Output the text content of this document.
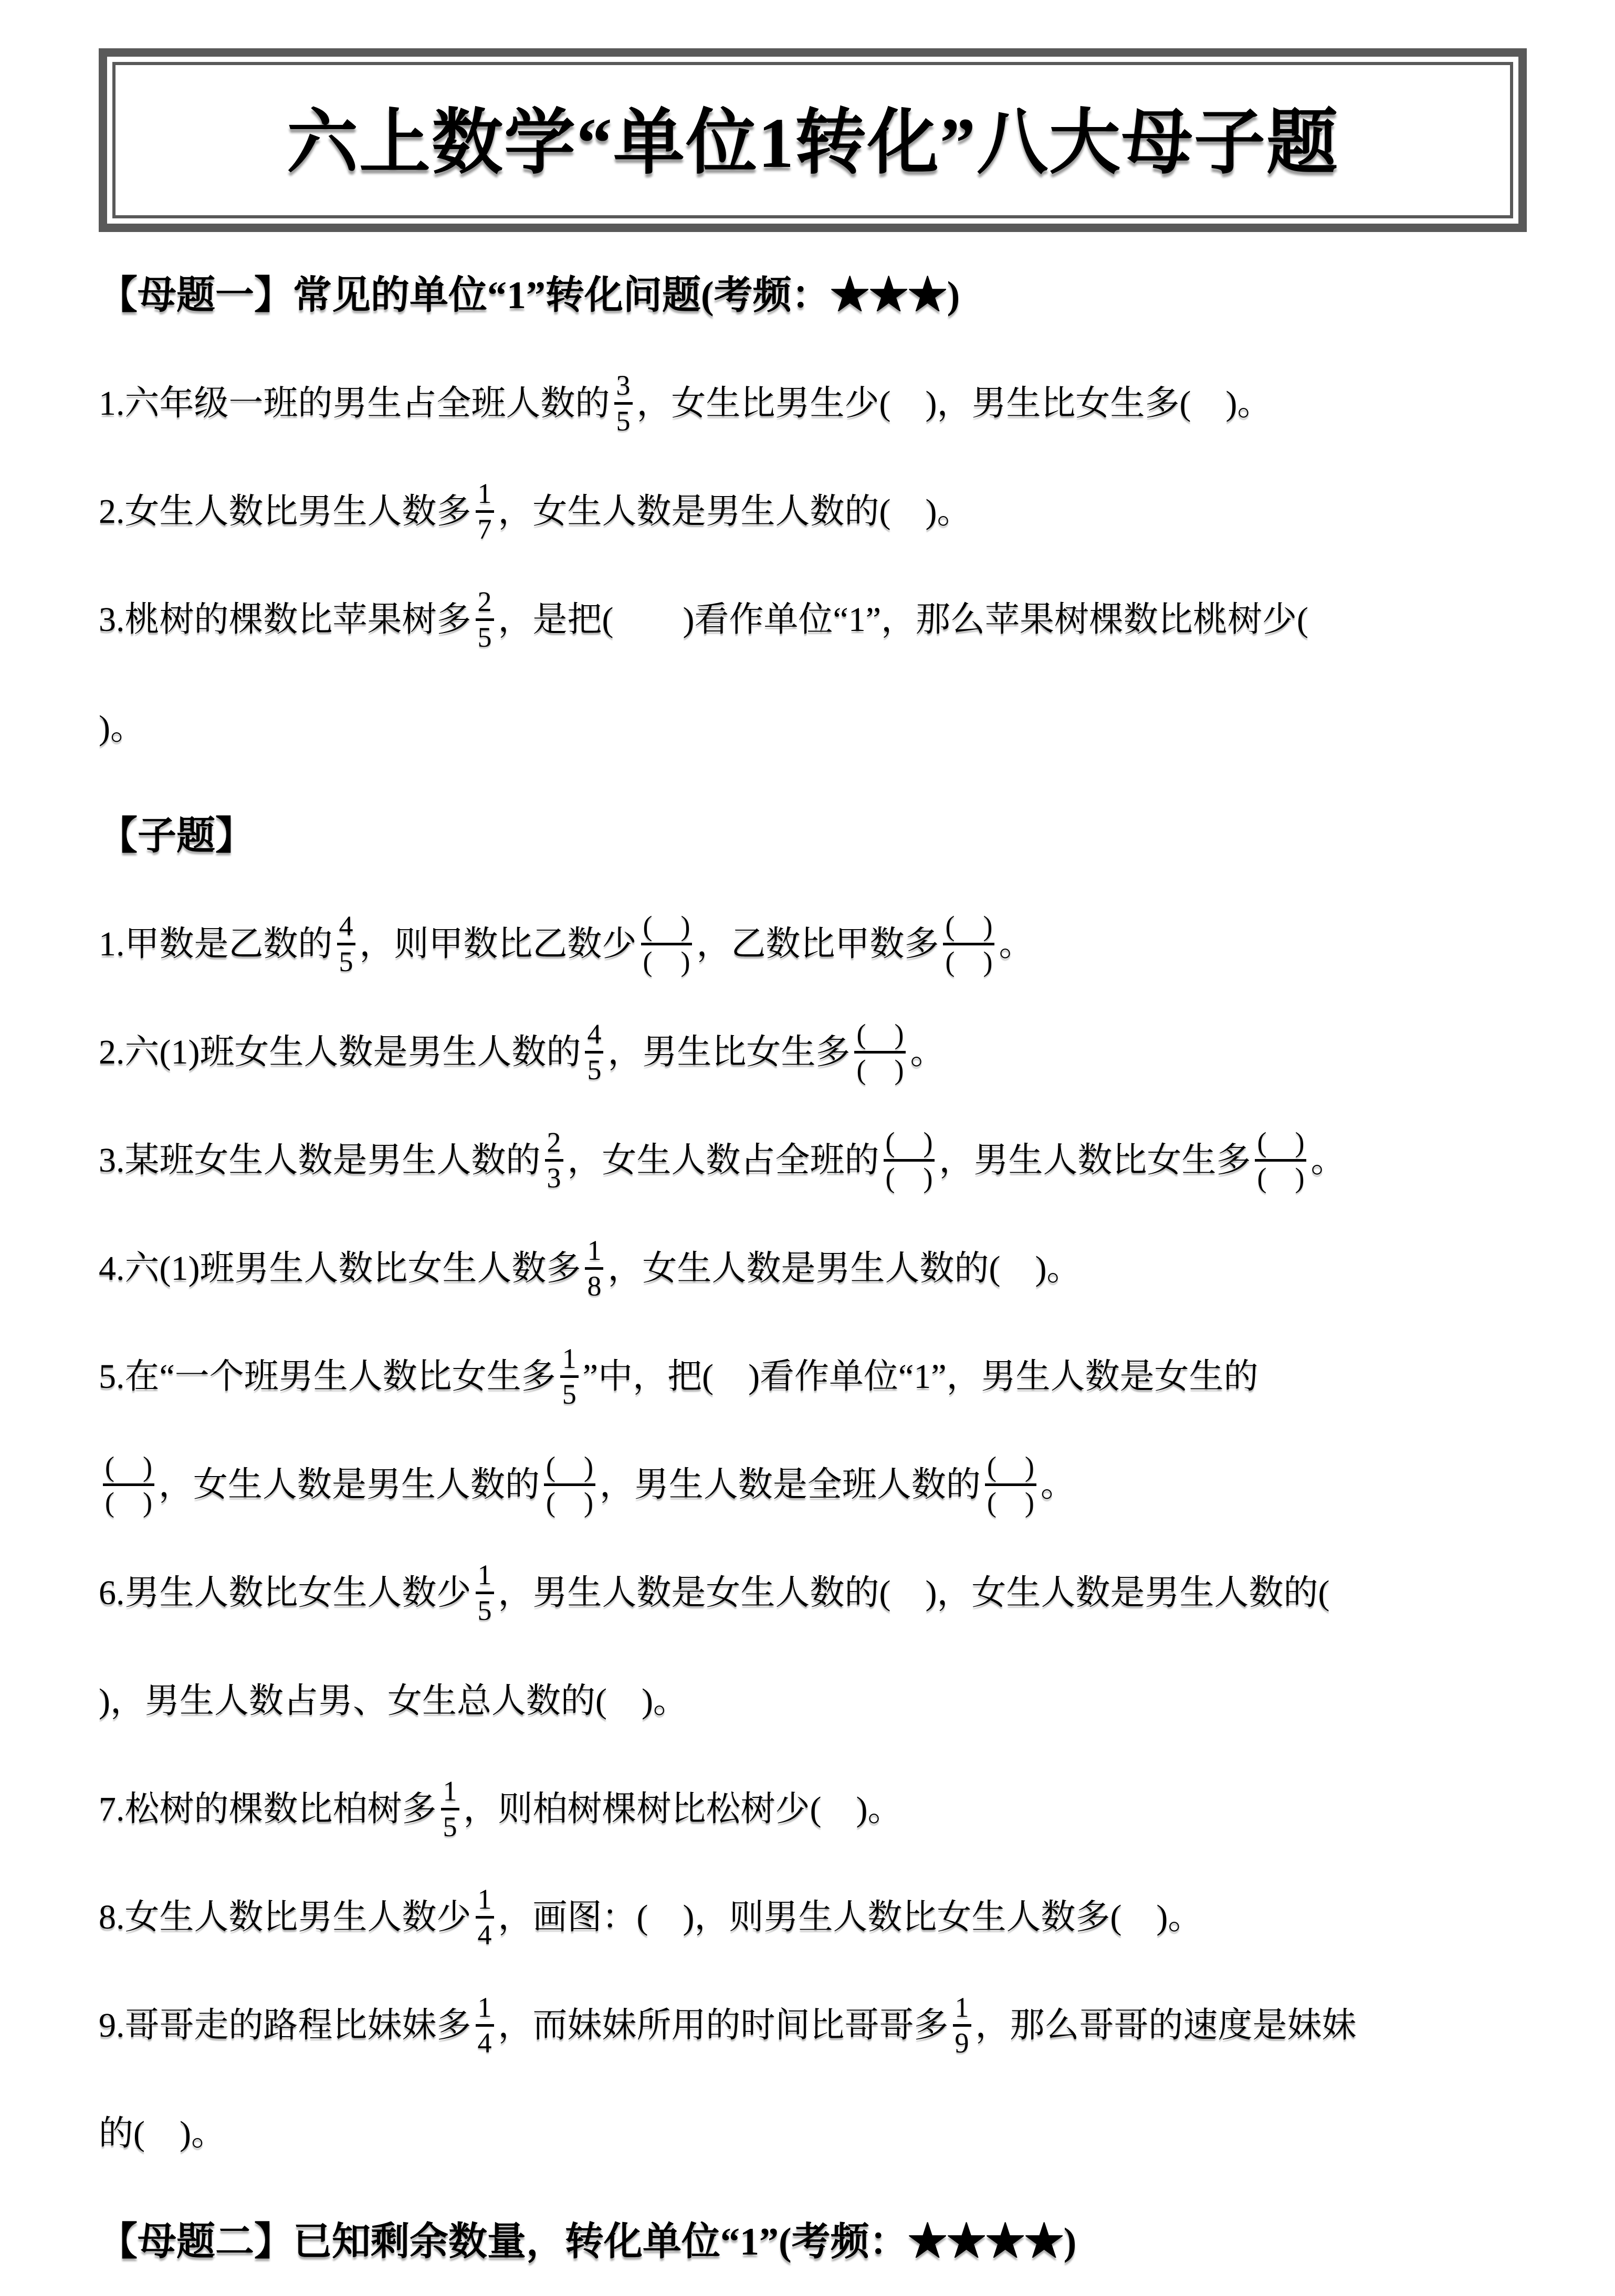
六上数学“单位1转化”八大母子题
【母题一】常见的单位“1”转化问题(考频：★★★)
1.六年级一班的男生占全班人数的 $\frac{3}{5}$ ，女生比男生少(　)，男生比女生多(　)。
2.女生人数比男生人数多 $\frac{1}{7}$ ，女生人数是男生人数的(　)。
3.桃树的棵数比苹果树多 $\frac{2}{5}$ ，是把(　　)看作单位“1”，那么苹果树棵数比桃树少(
)。
【子题】
1.甲数是乙数的 $\frac{4}{5}$ ，则甲数比乙数少 $\frac{( )}{( )}$ ，乙数比甲数多 $\frac{( )}{( )}$ 。
2.六(1)班女生人数是男生人数的 $\frac{4}{5}$ ，男生比女生多 $\frac{( )}{( )}$ 。
3.某班女生人数是男生人数的 $\frac{2}{3}$ ，女生人数占全班的 $\frac{( )}{( )}$ ，男生人数比女生多 $\frac{( )}{( )}$ 。
4.六(1)班男生人数比女生人数多 $\frac{1}{8}$ ，女生人数是男生人数的(　)。
5.在“一个班男生人数比女生多 $\frac{1}{5}$ ”中，把(　)看作单位“1”，男生人数是女生的
$\frac{( )}{( )}$ ，女生人数是男生人数的 $\frac{( )}{( )}$ ，男生人数是全班人数的 $\frac{( )}{( )}$ 。
6.男生人数比女生人数少 $\frac{1}{5}$ ，男生人数是女生人数的(　)，女生人数是男生人数的(
)，男生人数占男、女生总人数的(　)。
7.松树的棵数比柏树多 $\frac{1}{5}$ ，则柏树棵树比松树少(　)。
8.女生人数比男生人数少 $\frac{1}{4}$ ，画图：(　)，则男生人数比女生人数多(　)。
9.哥哥走的路程比妹妹多 $\frac{1}{4}$ ，而妹妹所用的时间比哥哥多 $\frac{1}{9}$ ，那么哥哥的速度是妹妹
的(　)。
【母题二】已知剩余数量，转化单位“1”(考频：★★★★)
